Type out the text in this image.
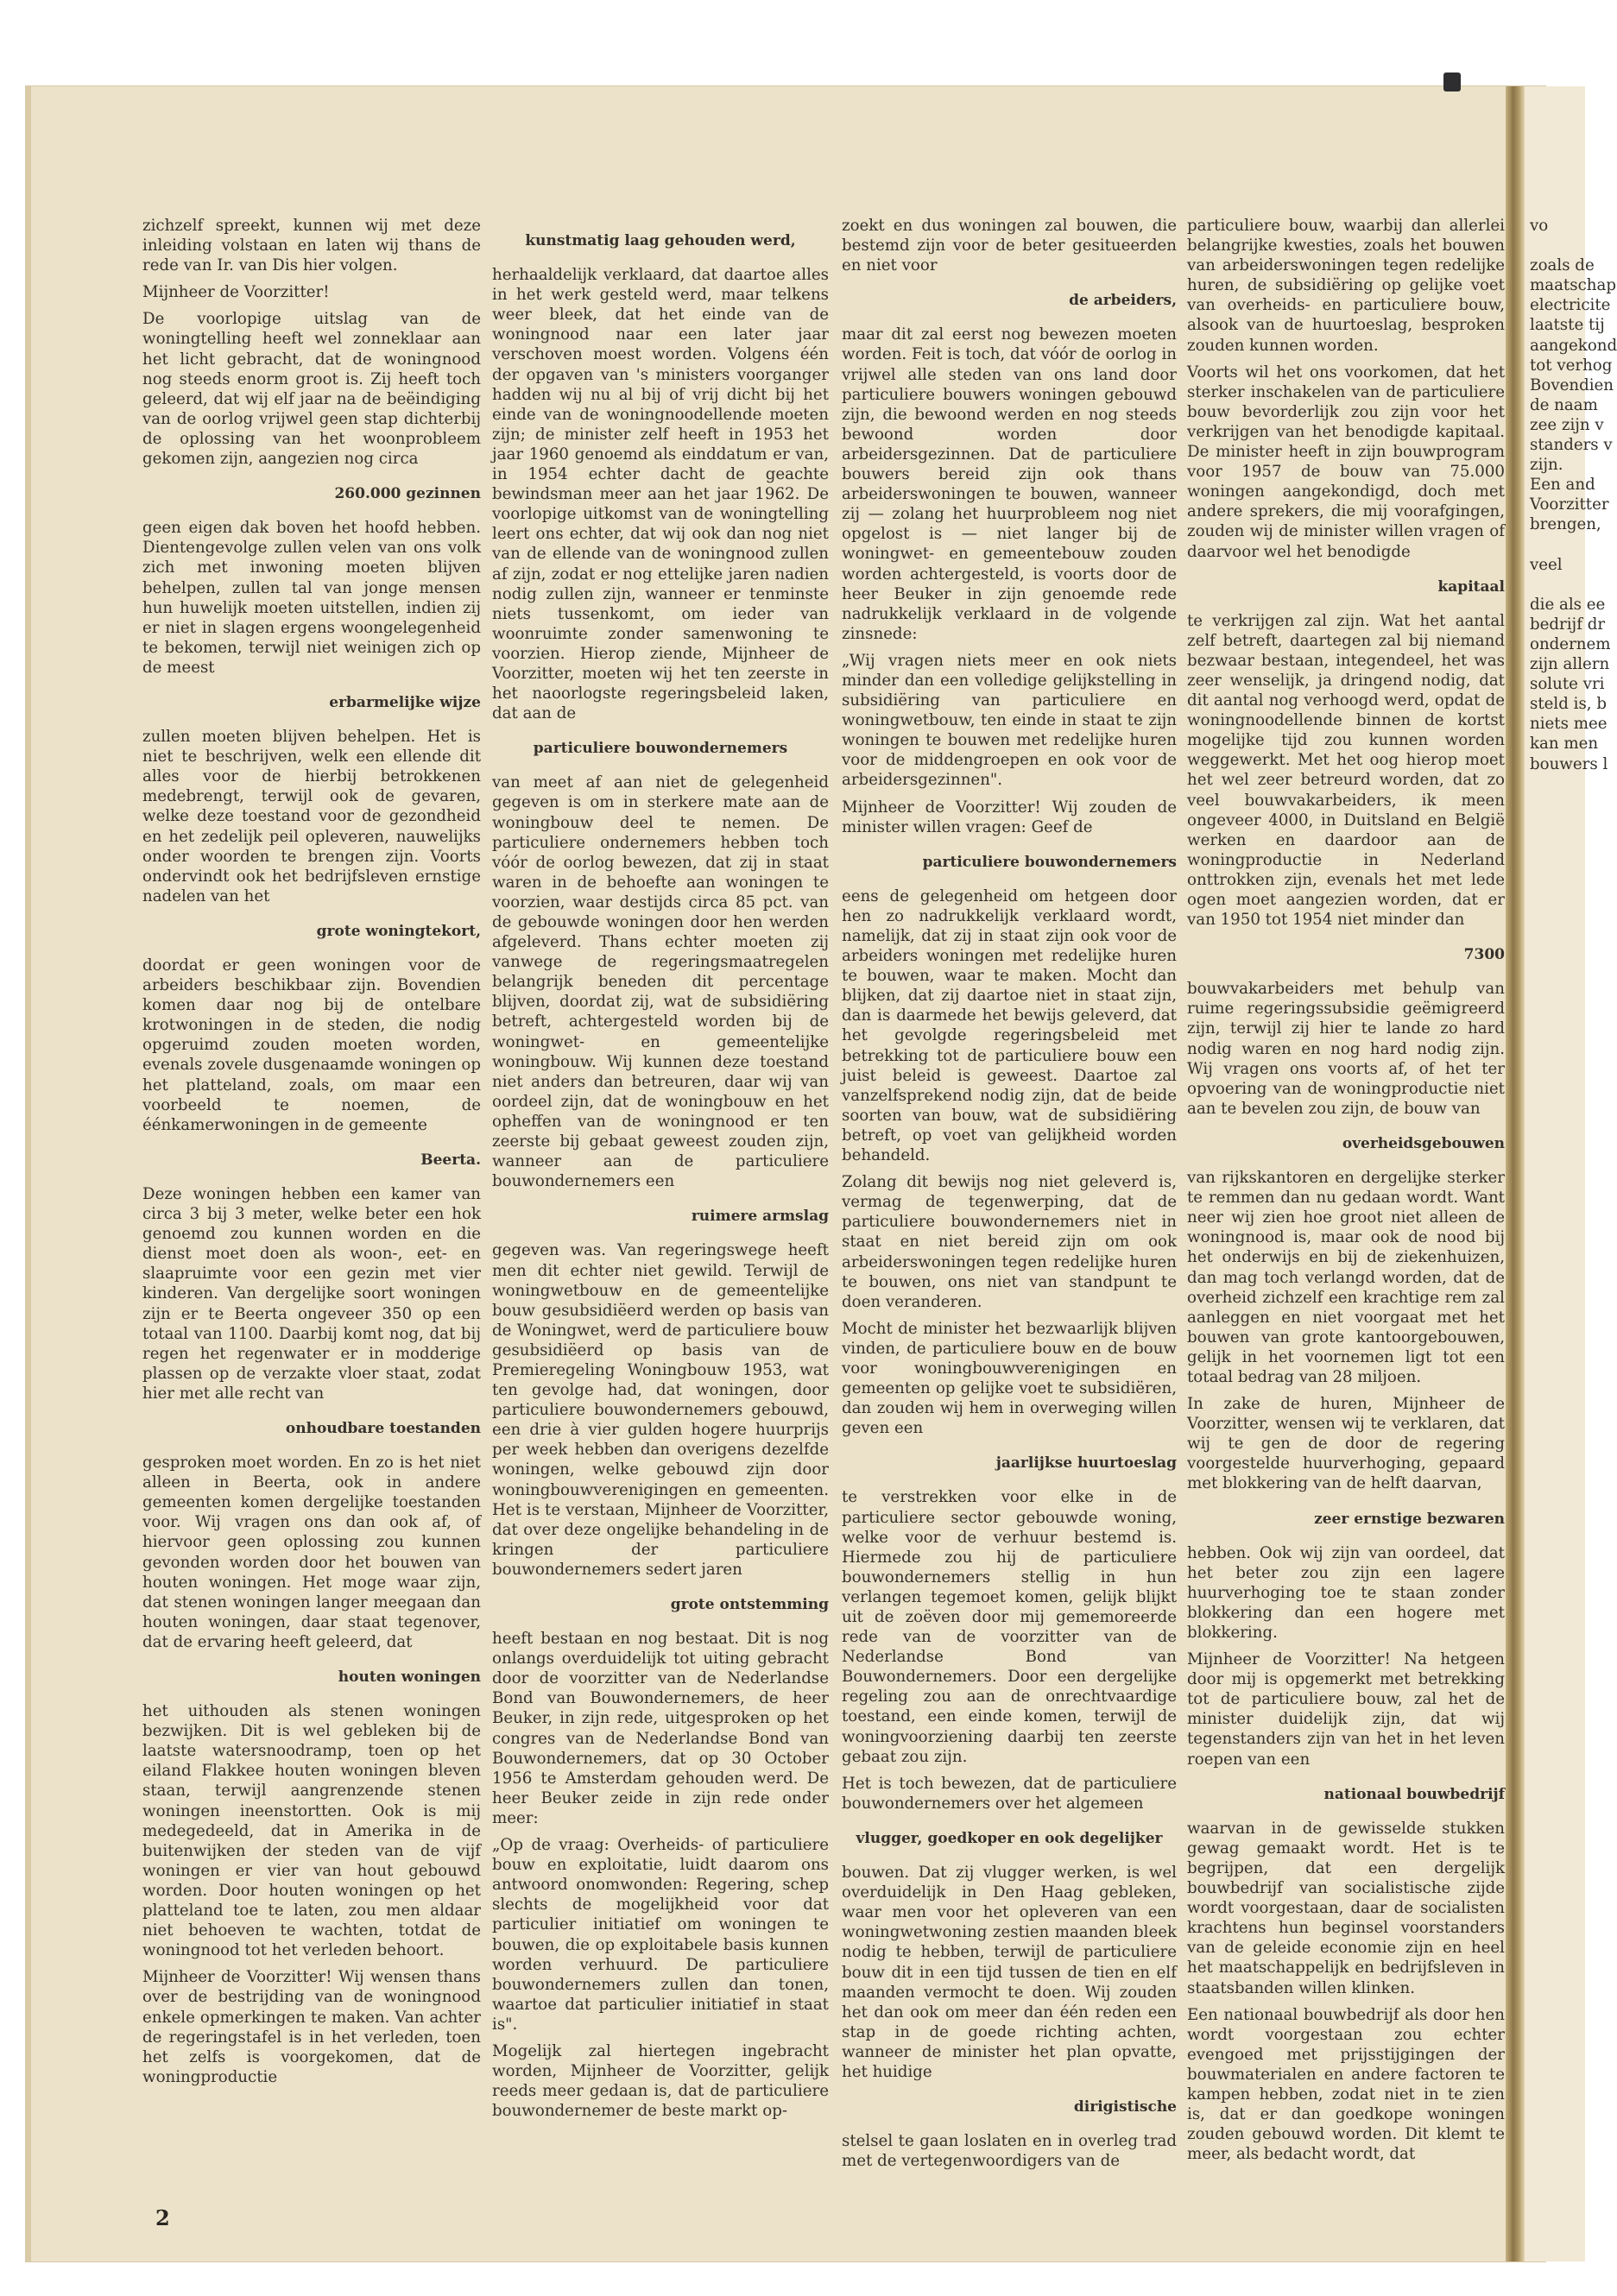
zichzelf spreekt, kunnen wij met deze inleiding volstaan en laten wij thans de rede van Ir. van Dis hier volgen.

Mijnheer de Voorzitter!

De voorlopige uitslag van de woningtelling heeft wel zonneklaar aan het licht gebracht, dat de woningnood nog steeds enorm groot is. Zij heeft toch geleerd, dat wij elf jaar na de beëindiging van de oorlog vrijwel geen stap dichterbij de oplossing van het woonprobleem gekomen zijn, aangezien nog circa

260.000 gezinnen

geen eigen dak boven het hoofd hebben. Dientengevolge zullen velen van ons volk zich met inwoning moeten blijven behelpen, zullen tal van jonge mensen hun huwelijk moeten uitstellen, indien zij er niet in slagen ergens woongelegenheid te bekomen, terwijl niet weinigen zich op de meest

erbarmelijke wijze

zullen moeten blijven behelpen. Het is niet te beschrijven, welk een ellende dit alles voor de hierbij betrokkenen medebrengt, terwijl ook de gevaren, welke deze toestand voor de gezondheid en het zedelijk peil opleveren, nauwelijks onder woorden te brengen zijn. Voorts ondervindt ook het bedrijfsleven ernstige nadelen van het

grote woningtekort,

doordat er geen woningen voor de arbeiders beschikbaar zijn. Bovendien komen daar nog bij de ontelbare krotwoningen in de steden, die nodig opgeruimd zouden moeten worden, evenals zovele dusgenaamde woningen op het platteland, zoals, om maar een voorbeeld te noemen, de éénkamerwoningen in de gemeente

Beerta.

Deze woningen hebben een kamer van circa 3 bij 3 meter, welke beter een hok genoemd zou kunnen worden en die dienst moet doen als woon-, eet- en slaapruimte voor een gezin met vier kinderen. Van dergelijke soort woningen zijn er te Beerta ongeveer 350 op een totaal van 1100. Daarbij komt nog, dat bij regen het regenwater er in modderige plassen op de verzakte vloer staat, zodat hier met alle recht van

onhoudbare toestanden

gesproken moet worden. En zo is het niet alleen in Beerta, ook in andere gemeenten komen dergelijke toestanden voor. Wij vragen ons dan ook af, of hiervoor geen oplossing zou kunnen gevonden worden door het bouwen van houten woningen. Het moge waar zijn, dat stenen woningen langer meegaan dan houten woningen, daar staat tegenover, dat de ervaring heeft geleerd, dat

houten woningen

het uithouden als stenen woningen bezwijken. Dit is wel gebleken bij de laatste watersnoodramp, toen op het eiland Flakkee houten woningen bleven staan, terwijl aangrenzende stenen woningen ineenstortten. Ook is mij medegedeeld, dat in Amerika in de buitenwijken der steden van de vijf woningen er vier van hout gebouwd worden. Door houten woningen op het platteland toe te laten, zou men aldaar niet behoeven te wachten, totdat de woningnood tot het verleden behoort.

Mijnheer de Voorzitter! Wij wensen thans over de bestrijding van de woningnood enkele opmerkingen te maken. Van achter de regeringstafel is in het verleden, toen het zelfs is voorgekomen, dat de woningproductie

kunstmatig laag gehouden werd,

herhaaldelijk verklaard, dat daartoe alles in het werk gesteld werd, maar telkens weer bleek, dat het einde van de woningnood naar een later jaar verschoven moest worden. Volgens één der opgaven van 's ministers voorganger hadden wij nu al bij of vrij dicht bij het einde van de woningnoodellende moeten zijn; de minister zelf heeft in 1953 het jaar 1960 genoemd als einddatum er van, in 1954 echter dacht de geachte bewindsman meer aan het jaar 1962. De voorlopige uitkomst van de woningtelling leert ons echter, dat wij ook dan nog niet van de ellende van de woningnood zullen af zijn, zodat er nog ettelijke jaren nadien nodig zullen zijn, wanneer er tenminste niets tussenkomt, om ieder van woonruimte zonder samenwoning te voorzien. Hierop ziende, Mijnheer de Voorzitter, moeten wij het ten zeerste in het naoorlogste regeringsbeleid laken, dat aan de

particuliere bouwondernemers

van meet af aan niet de gelegenheid gegeven is om in sterkere mate aan de woningbouw deel te nemen. De particuliere ondernemers hebben toch vóór de oorlog bewezen, dat zij in staat waren in de behoefte aan woningen te voorzien, waar destijds circa 85 pct. van de gebouwde woningen door hen werden afgeleverd. Thans echter moeten zij vanwege de regeringsmaatregelen belangrijk beneden dit percentage blijven, doordat zij, wat de subsidiëring betreft, achtergesteld worden bij de woningwet- en gemeentelijke woningbouw. Wij kunnen deze toestand niet anders dan betreuren, daar wij van oordeel zijn, dat de woningbouw en het opheffen van de woningnood er ten zeerste bij gebaat geweest zouden zijn, wanneer aan de particuliere bouwondernemers een

ruimere armslag

gegeven was. Van regeringswege heeft men dit echter niet gewild. Terwijl de woningwetbouw en de gemeentelijke bouw gesubsidiëerd werden op basis van de Woningwet, werd de particuliere bouw gesubsidiëerd op basis van de Premieregeling Woningbouw 1953, wat ten gevolge had, dat woningen, door particuliere bouwondernemers gebouwd, een drie à vier gulden hogere huurprijs per week hebben dan overigens dezelfde woningen, welke gebouwd zijn door woningbouwverenigingen en gemeenten. Het is te verstaan, Mijnheer de Voorzitter, dat over deze ongelijke behandeling in de kringen der particuliere bouwondernemers sedert jaren

grote ontstemming

heeft bestaan en nog bestaat. Dit is nog onlangs overduidelijk tot uiting gebracht door de voorzitter van de Nederlandse Bond van Bouwondernemers, de heer Beuker, in zijn rede, uitgesproken op het congres van de Nederlandse Bond van Bouwondernemers, dat op 30 October 1956 te Amsterdam gehouden werd. De heer Beuker zeide in zijn rede onder meer:

„Op de vraag: Overheids- of particuliere bouw en exploitatie, luidt daarom ons antwoord onomwonden: Regering, schep slechts de mogelijkheid voor dat particulier initiatief om woningen te bouwen, die op exploitabele basis kunnen worden verhuurd. De particuliere bouwondernemers zullen dan tonen, waartoe dat particulier initiatief in staat is".

Mogelijk zal hiertegen ingebracht worden, Mijnheer de Voorzitter, gelijk reeds meer gedaan is, dat de particuliere bouwondernemer de beste markt op-

zoekt en dus woningen zal bouwen, die bestemd zijn voor de beter gesitueerden en niet voor

de arbeiders,

maar dit zal eerst nog bewezen moeten worden. Feit is toch, dat vóór de oorlog in vrijwel alle steden van ons land door particuliere bouwers woningen gebouwd zijn, die bewoond werden en nog steeds bewoond worden door arbeidersgezinnen. Dat de particuliere bouwers bereid zijn ook thans arbeiderswoningen te bouwen, wanneer zij — zolang het huurprobleem nog niet opgelost is — niet langer bij de woningwet- en gemeentebouw zouden worden achtergesteld, is voorts door de heer Beuker in zijn genoemde rede nadrukkelijk verklaard in de volgende zinsnede:

„Wij vragen niets meer en ook niets minder dan een volledige gelijkstelling in subsidiëring van particuliere en woningwetbouw, ten einde in staat te zijn woningen te bouwen met redelijke huren voor de middengroepen en ook voor de arbeidersgezinnen".

Mijnheer de Voorzitter! Wij zouden de minister willen vragen: Geef de

particuliere bouwondernemers

eens de gelegenheid om hetgeen door hen zo nadrukkelijk verklaard wordt, namelijk, dat zij in staat zijn ook voor de arbeiders woningen met redelijke huren te bouwen, waar te maken. Mocht dan blijken, dat zij daartoe niet in staat zijn, dan is daarmede het bewijs geleverd, dat het gevolgde regeringsbeleid met betrekking tot de particuliere bouw een juist beleid is geweest. Daartoe zal vanzelfsprekend nodig zijn, dat de beide soorten van bouw, wat de subsidiëring betreft, op voet van gelijkheid worden behandeld.

Zolang dit bewijs nog niet geleverd is, vermag de tegenwerping, dat de particuliere bouwondernemers niet in staat en niet bereid zijn om ook arbeiderswoningen tegen redelijke huren te bouwen, ons niet van standpunt te doen veranderen.

Mocht de minister het bezwaarlijk blijven vinden, de particuliere bouw en de bouw voor woningbouwverenigingen en gemeenten op gelijke voet te subsidiëren, dan zouden wij hem in overweging willen geven een

jaarlijkse huurtoeslag

te verstrekken voor elke in de particuliere sector gebouwde woning, welke voor de verhuur bestemd is. Hiermede zou hij de particuliere bouwondernemers stellig in hun verlangen tegemoet komen, gelijk blijkt uit de zoëven door mij gememoreerde rede van de voorzitter van de Nederlandse Bond van Bouwondernemers. Door een dergelijke regeling zou aan de onrechtvaardige toestand, een einde komen, terwijl de woningvoorziening daarbij ten zeerste gebaat zou zijn.

Het is toch bewezen, dat de particuliere bouwondernemers over het algemeen

vlugger, goedkoper en ook degelijker

bouwen. Dat zij vlugger werken, is wel overduidelijk in Den Haag gebleken, waar men voor het opleveren van een woningwetwoning zestien maanden bleek nodig te hebben, terwijl de particuliere bouw dit in een tijd tussen de tien en elf maanden vermocht te doen. Wij zouden het dan ook om meer dan één reden een stap in de goede richting achten, wanneer de minister het plan opvatte, het huidige

dirigistische

stelsel te gaan loslaten en in overleg trad met de vertegenwoordigers van de

particuliere bouw, waarbij dan allerlei belangrijke kwesties, zoals het bouwen van arbeiderswoningen tegen redelijke huren, de subsidiëring op gelijke voet van overheids- en particuliere bouw, alsook van de huurtoeslag, besproken zouden kunnen worden.

Voorts wil het ons voorkomen, dat het sterker inschakelen van de particuliere bouw bevorderlijk zou zijn voor het verkrijgen van het benodigde kapitaal. De minister heeft in zijn bouwprogram voor 1957 de bouw van 75.000 woningen aangekondigd, doch met andere sprekers, die mij voorafgingen, zouden wij de minister willen vragen of daarvoor wel het benodigde

kapitaal

te verkrijgen zal zijn. Wat het aantal zelf betreft, daartegen zal bij niemand bezwaar bestaan, integendeel, het was zeer wenselijk, ja dringend nodig, dat dit aantal nog verhoogd werd, opdat de woningnoodellende binnen de kortst mogelijke tijd zou kunnen worden weggewerkt. Met het oog hierop moet het wel zeer betreurd worden, dat zo veel bouwvakarbeiders, ik meen ongeveer 4000, in Duitsland en België werken en daardoor aan de woningproductie in Nederland onttrokken zijn, evenals het met lede ogen moet aangezien worden, dat er van 1950 tot 1954 niet minder dan

7300

bouwvakarbeiders met behulp van ruime regeringssubsidie geëmigreerd zijn, terwijl zij hier te lande zo hard nodig waren en nog hard nodig zijn. Wij vragen ons voorts af, of het ter opvoering van de woningproductie niet aan te bevelen zou zijn, de bouw van

overheidsgebouwen

van rijkskantoren en dergelijke sterker te remmen dan nu gedaan wordt. Want neer wij zien hoe groot niet alleen de woningnood is, maar ook de nood bij het onderwijs en bij de ziekenhuizen, dan mag toch verlangd worden, dat de overheid zichzelf een krachtige rem zal aanleggen en niet voorgaat met het bouwen van grote kantoorgebouwen, gelijk in het voornemen ligt tot een totaal bedrag van 28 miljoen.

In zake de huren, Mijnheer de Voorzitter, wensen wij te verklaren, dat wij te gen de door de regering voorgestelde huurverhoging, gepaard met blokkering van de helft daarvan,

zeer ernstige bezwaren

hebben. Ook wij zijn van oordeel, dat het beter zou zijn een lagere huurverhoging toe te staan zonder blokkering dan een hogere met blokkering.

Mijnheer de Voorzitter! Na hetgeen door mij is opgemerkt met betrekking tot de particuliere bouw, zal het de minister duidelijk zijn, dat wij tegenstanders zijn van het in het leven roepen van een

nationaal bouwbedrijf

waarvan in de gewisselde stukken gewag gemaakt wordt. Het is te begrijpen, dat een dergelijk bouwbedrijf van socialistische zijde wordt voorgestaan, daar de socialisten krachtens hun beginsel voorstanders van de geleide economie zijn en heel het maatschappelijk en bedrijfsleven in staatsbanden willen klinken.

Een nationaal bouwbedrijf als door hen wordt voorgestaan zou echter evengoed met prijsstijgingen der bouwmaterialen en andere factoren te kampen hebben, zodat niet in te zien is, dat er dan goedkope woningen zouden gebouwd worden. Dit klemt te meer, als bedacht wordt, dat

vo

zoals de

maatschap

electricite

laatste tij

aangekond

tot verhog

Bovendien

de naam

zee zijn v

standers v

zijn.

Een and

Voorzitter

brengen,

veel

die als ee

bedrijf dr

ondernem

zijn allern

solute vri

steld is, b

niets mee

kan men

bouwers l

2
